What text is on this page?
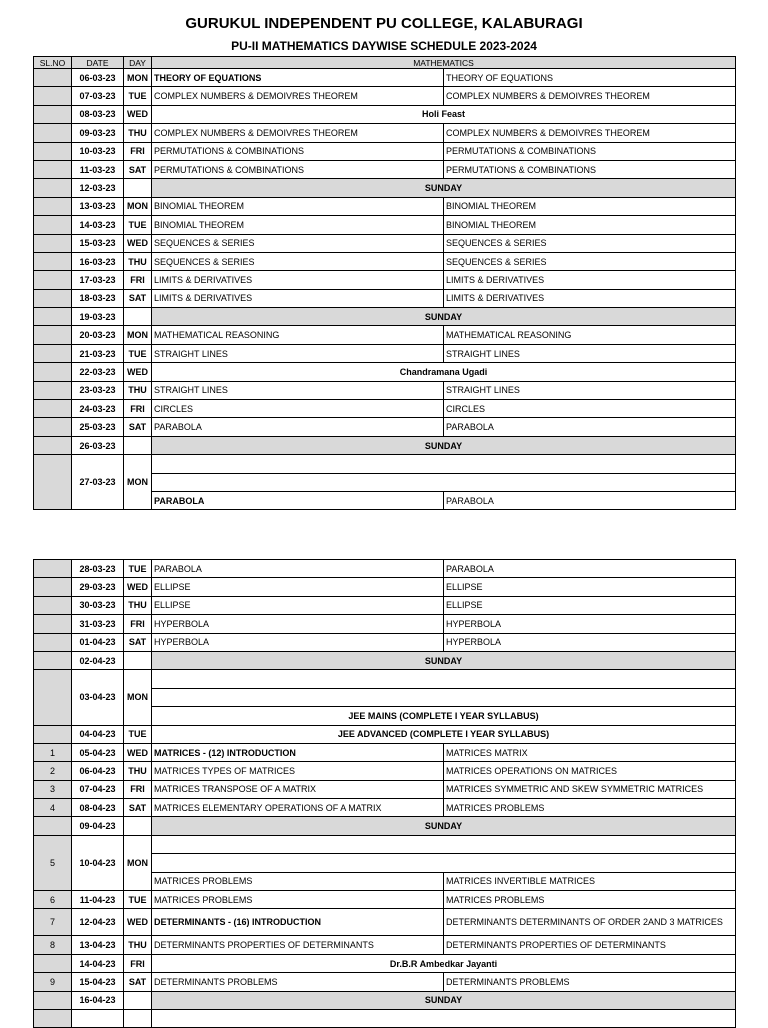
GURUKUL INDEPENDENT PU COLLEGE, KALABURAGI
PU-II MATHEMATICS DAYWISE SCHEDULE 2023-2024
SL.NO	DATE	DAY	MATHEMATICS	
	06-03-23	MON	THEORY OF EQUATIONS	THEORY OF EQUATIONS
	07-03-23	TUE	COMPLEX NUMBERS & DEMOIVRES THEOREM	COMPLEX NUMBERS & DEMOIVRES THEOREM
	08-03-23	WED	Holi Feast	
	09-03-23	THU	COMPLEX NUMBERS & DEMOIVRES THEOREM	COMPLEX NUMBERS & DEMOIVRES THEOREM
	10-03-23	FRI	PERMUTATIONS & COMBINATIONS	PERMUTATIONS & COMBINATIONS
	11-03-23	SAT	PERMUTATIONS & COMBINATIONS	PERMUTATIONS & COMBINATIONS
	12-03-23		SUNDAY	
	13-03-23	MON	BINOMIAL THEOREM	BINOMIAL THEOREM
	14-03-23	TUE	BINOMIAL THEOREM	BINOMIAL THEOREM
	15-03-23	WED	SEQUENCES & SERIES	SEQUENCES & SERIES
	16-03-23	THU	SEQUENCES & SERIES	SEQUENCES & SERIES
	17-03-23	FRI	LIMITS & DERIVATIVES	LIMITS & DERIVATIVES
	18-03-23	SAT	LIMITS & DERIVATIVES	LIMITS & DERIVATIVES
	19-03-23		SUNDAY	
	20-03-23	MON	MATHEMATICAL REASONING	MATHEMATICAL REASONING
	21-03-23	TUE	STRAIGHT LINES	STRAIGHT LINES
	22-03-23	WED	Chandramana Ugadi	
	23-03-23	THU	STRAIGHT LINES	STRAIGHT LINES
	24-03-23	FRI	CIRCLES	CIRCLES
	25-03-23	SAT	PARABOLA	PARABOLA
	26-03-23		SUNDAY	
	27-03-23	MON		

			PARABOLA	PARABOLA
	28-03-23	TUE	PARABOLA	PARABOLA
	29-03-23	WED	ELLIPSE	ELLIPSE
	30-03-23	THU	ELLIPSE	ELLIPSE
	31-03-23	FRI	HYPERBOLA	HYPERBOLA
	01-04-23	SAT	HYPERBOLA	HYPERBOLA
	02-04-23		SUNDAY	
	03-04-23	MON		

			JEE MAINS (COMPLETE I YEAR SYLLABUS)	
	04-04-23	TUE	JEE ADVANCED (COMPLETE I YEAR SYLLABUS)	
1	05-04-23	WED	MATRICES - (12) INTRODUCTION	MATRICES MATRIX
2	06-04-23	THU	MATRICES TYPES OF MATRICES	MATRICES OPERATIONS ON MATRICES
3	07-04-23	FRI	MATRICES TRANSPOSE OF A MATRIX	MATRICES SYMMETRIC AND SKEW SYMMETRIC MATRICES
4	08-04-23	SAT	MATRICES ELEMENTARY OPERATIONS OF A MATRIX	MATRICES PROBLEMS
	09-04-23		SUNDAY	
5	10-04-23	MON		

			MATRICES PROBLEMS	MATRICES INVERTIBLE MATRICES
6	11-04-23	TUE	MATRICES PROBLEMS	MATRICES PROBLEMS
7	12-04-23	WED	DETERMINANTS - (16) INTRODUCTION	DETERMINANTS DETERMINANTS OF ORDER 2AND 3 MATRICES
8	13-04-23	THU	DETERMINANTS PROPERTIES OF DETERMINANTS	DETERMINANTS PROPERTIES OF DETERMINANTS
	14-04-23	FRI	Dr.B.R Ambedkar Jayanti	
9	15-04-23	SAT	DETERMINANTS PROBLEMS	DETERMINANTS PROBLEMS
	16-04-23		SUNDAY	
